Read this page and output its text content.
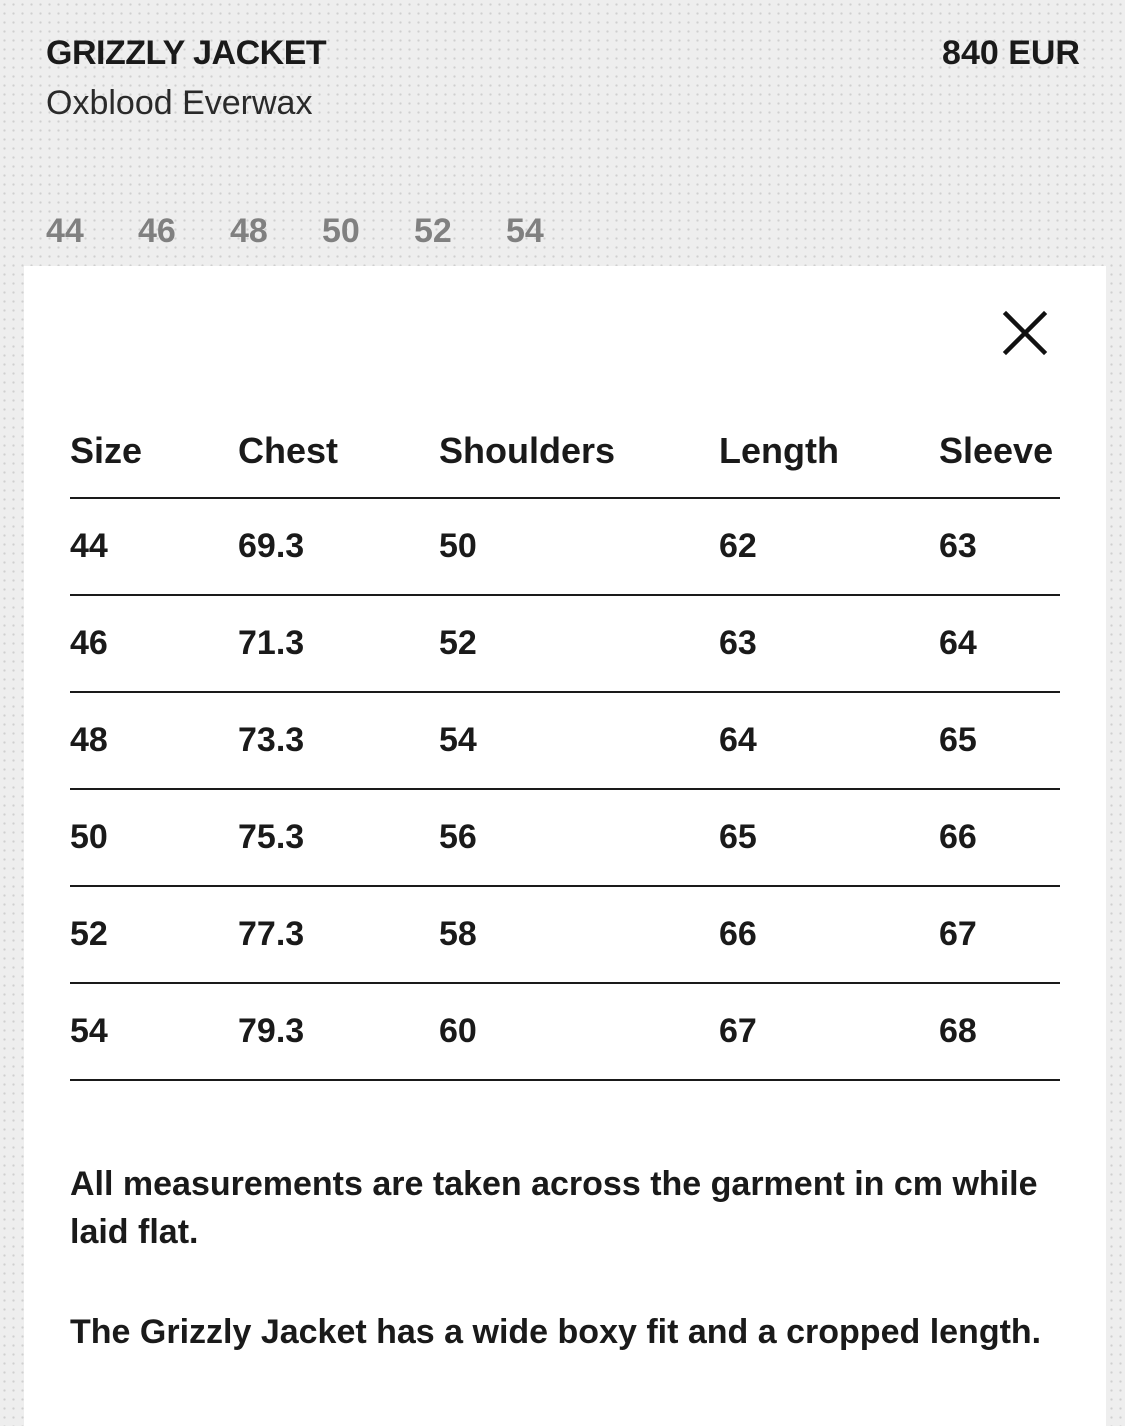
GRIZZLY JACKET
Oxblood Everwax
840 EUR
44	46	48	50	52	54
Size	Chest	Shoulders	Length	Sleeve
44	69.3	50	62	63
46	71.3	52	63	64
48	73.3	54	64	65
50	75.3	56	65	66
52	77.3	58	66	67
54	79.3	60	67	68

All measurements are taken across the garment in cm while laid flat.

The Grizzly Jacket has a wide boxy fit and a cropped length.
